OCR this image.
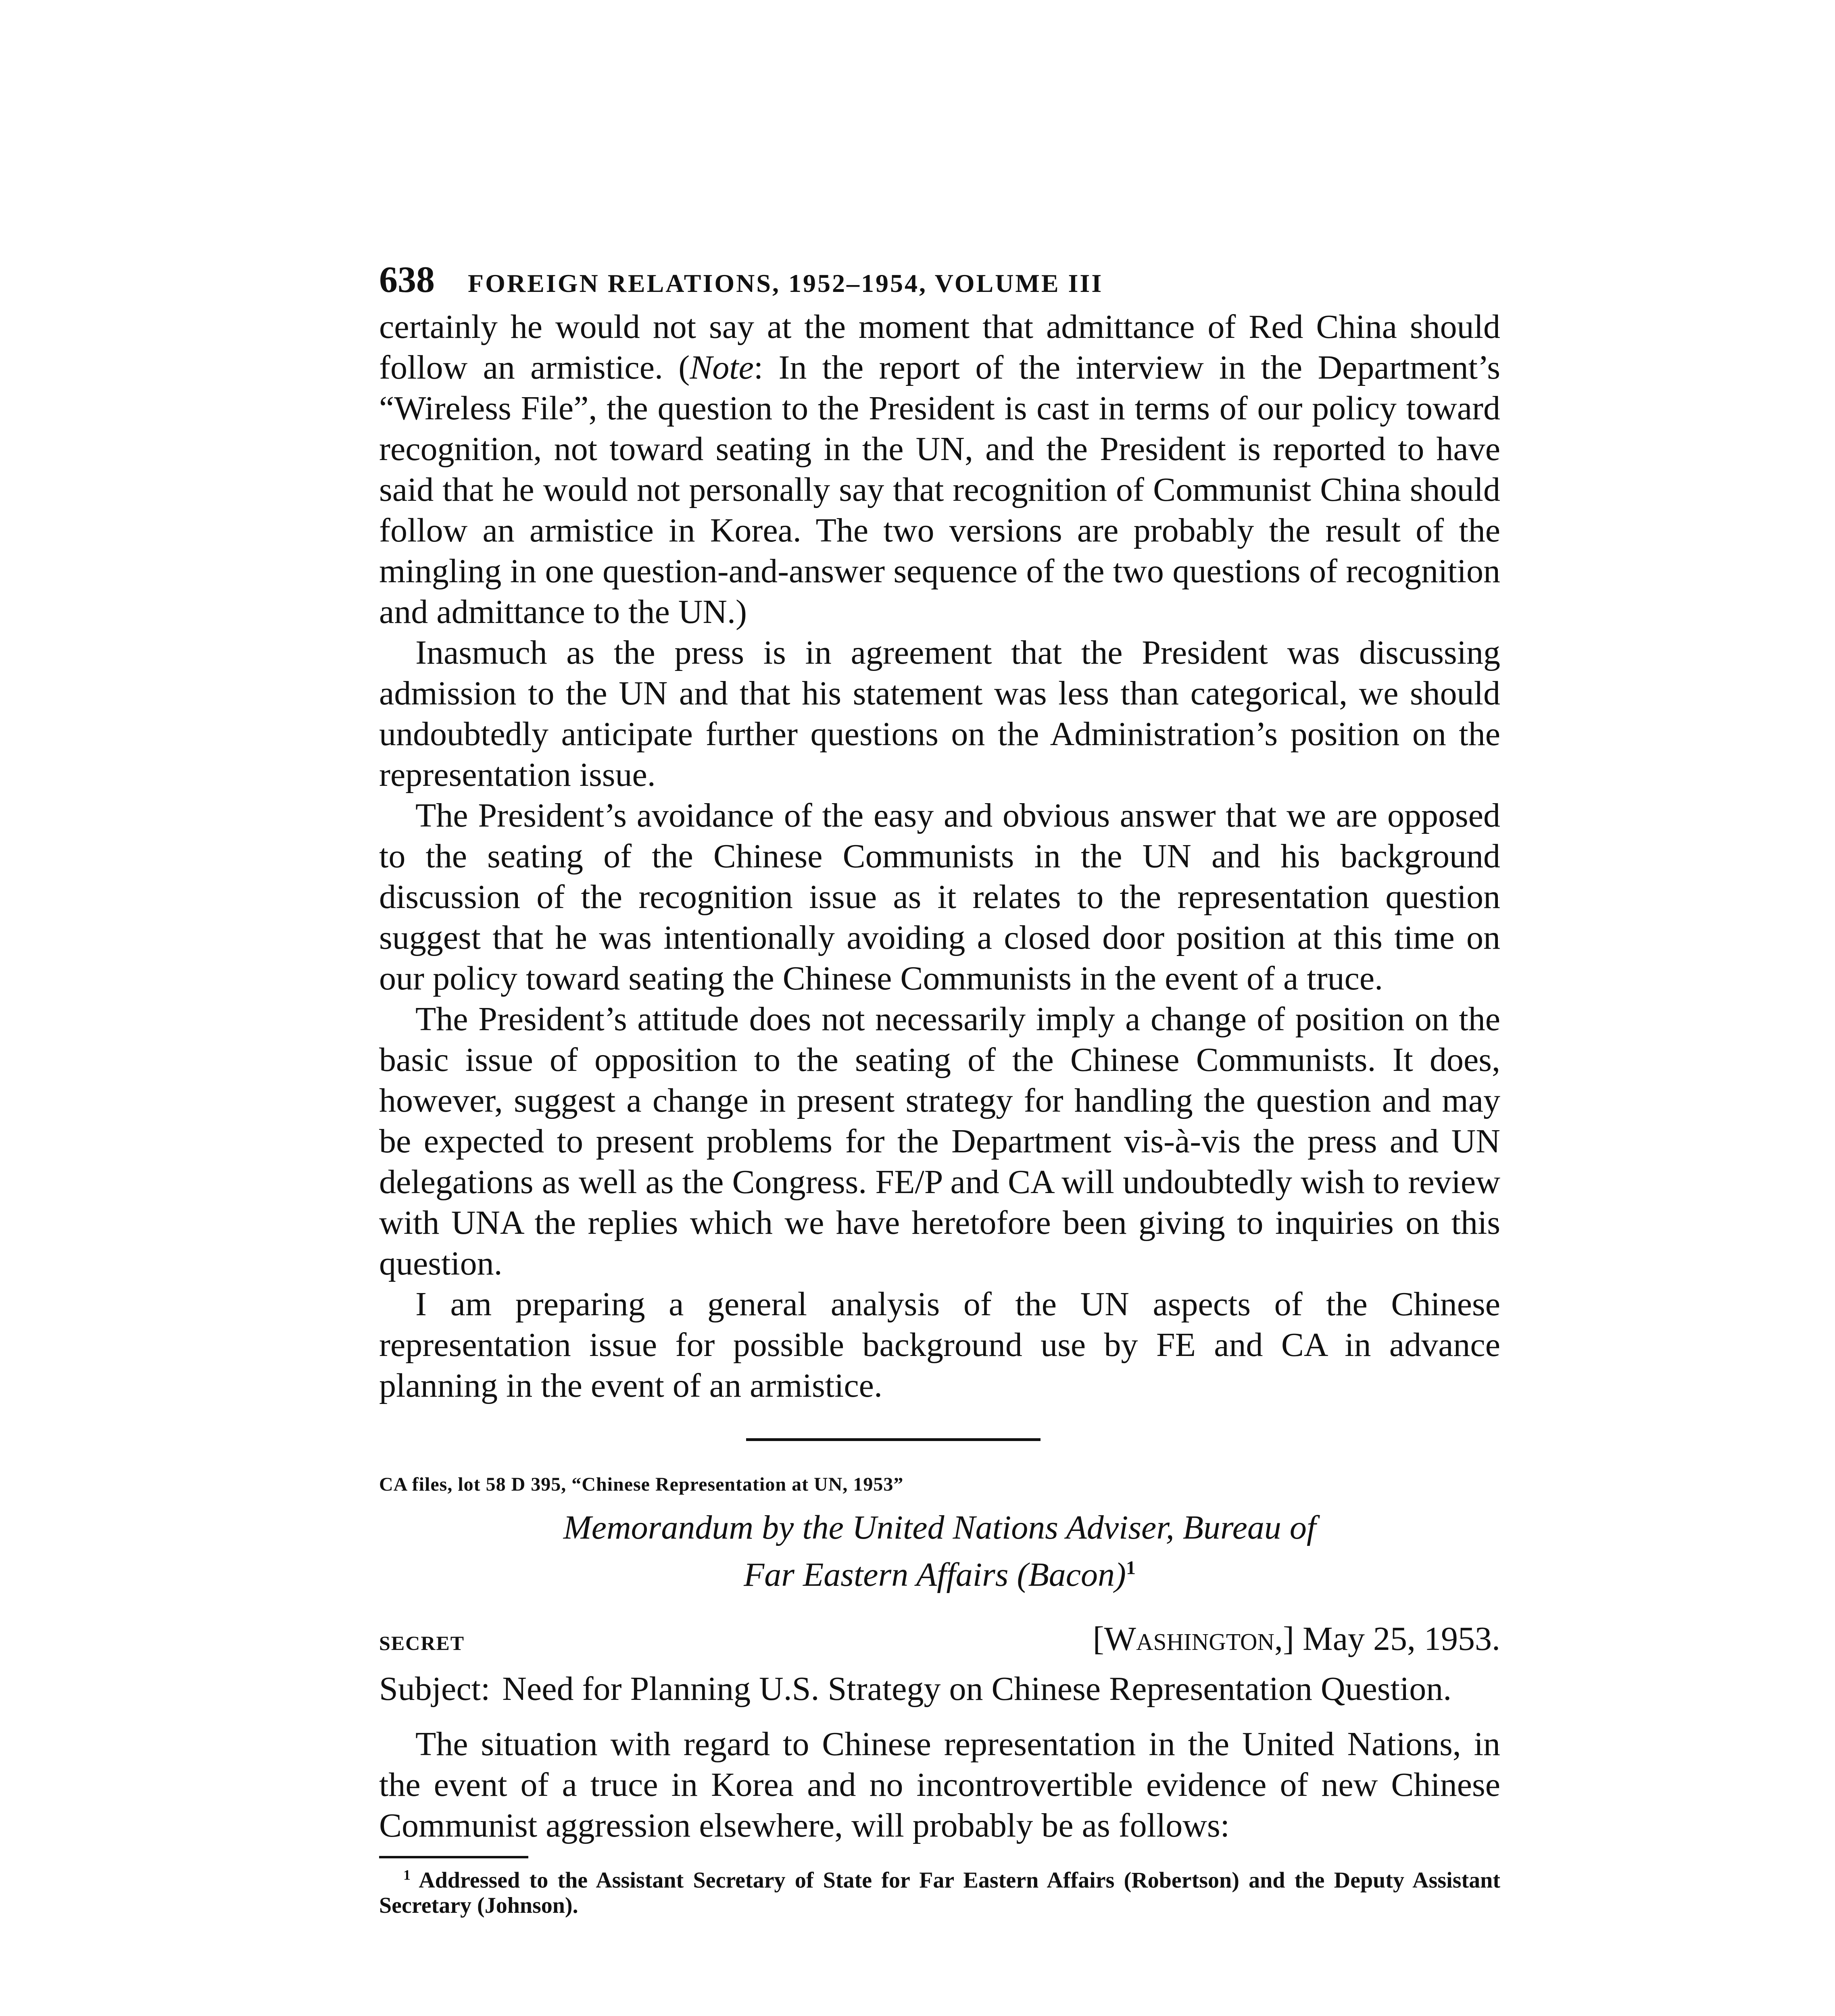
638	FOREIGN RELATIONS, 1952–1954, VOLUME III

certainly he would not say at the moment that admittance of Red China should follow an armistice. (Note: In the report of the interview in the Department’s “Wireless File”, the question to the President is cast in terms of our policy toward recognition, not toward seating in the UN, and the President is reported to have said that he would not personally say that recognition of Communist China should follow an armistice in Korea. The two versions are probably the result of the mingling in one question-and-answer sequence of the two questions of recognition and admittance to the UN.)

Inasmuch as the press is in agreement that the President was discussing admission to the UN and that his statement was less than categorical, we should undoubtedly anticipate further questions on the Administration’s position on the representation issue.

The President’s avoidance of the easy and obvious answer that we are opposed to the seating of the Chinese Communists in the UN and his background discussion of the recognition issue as it relates to the representation question suggest that he was intentionally avoiding a closed door position at this time on our policy toward seating the Chinese Communists in the event of a truce.

The President’s attitude does not necessarily imply a change of position on the basic issue of opposition to the seating of the Chinese Communists. It does, however, suggest a change in present strategy for handling the question and may be expected to present problems for the Department vis-à-vis the press and UN delegations as well as the Congress. FE/P and CA will undoubtedly wish to review with UNA the replies which we have heretofore been giving to inquiries on this question.

I am preparing a general analysis of the UN aspects of the Chinese representation issue for possible background use by FE and CA in advance planning in the event of an armistice.

CA files, lot 58 D 395, “Chinese Representation at UN, 1953”
Memorandum by the United Nations Adviser, Bureau of
Far Eastern Affairs (Bacon)$^1$
SECRET	[Washington,] May 25, 1953.
Subject: Need for Planning U.S. Strategy on Chinese Representation Question.

The situation with regard to Chinese representation in the United Nations, in the event of a truce in Korea and no incontrovertible evidence of new Chinese Communist aggression elsewhere, will probably be as follows:

$^1$ Addressed to the Assistant Secretary of State for Far Eastern Affairs (Robertson) and the Deputy Assistant Secretary (Johnson).
